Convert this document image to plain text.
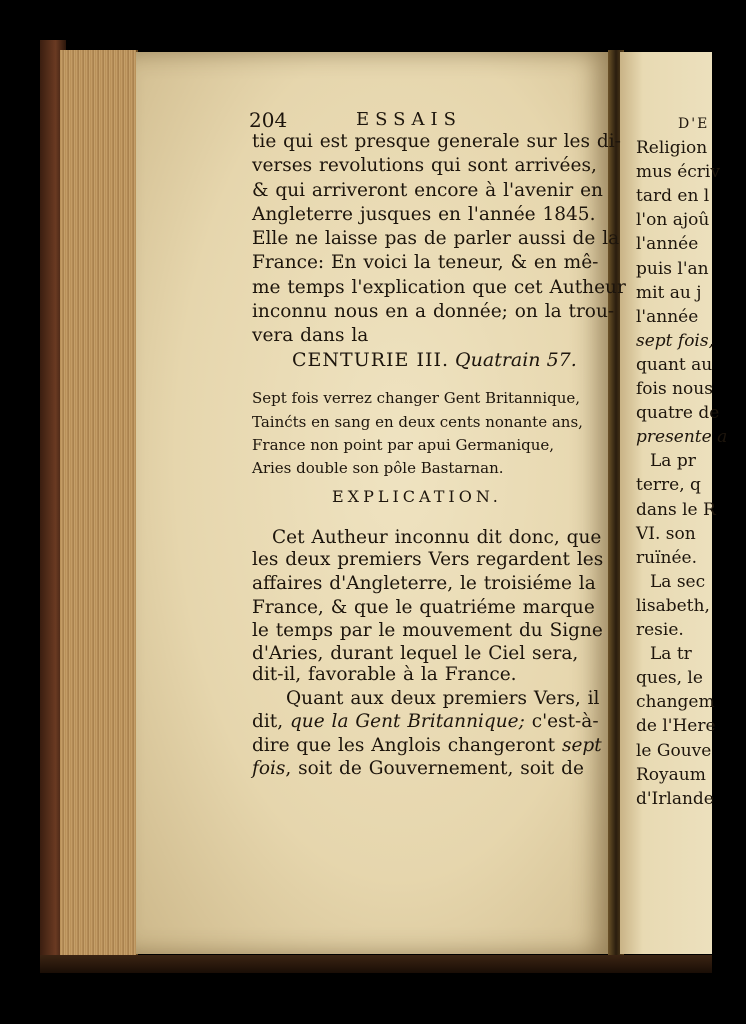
204	ESSAIS
tie qui est presque generale sur les di-
verses revolutions qui sont arrivées,
& qui arriveront encore à l'avenir en
Angleterre jusques en l'année 1845.
Elle ne laisse pas de parler aussi de la
France: En voici la teneur, & en mê-
me temps l'explication que cet Autheur
inconnu nous en a donnée; on la trou-
vera dans la
CENTURIE III. Quatrain 57.
Sept fois verrez changer Gent Britannique,
Tainćts en sang en deux cents nonante ans,
France non point par apui Germanique,
Aries double son pôle Bastarnan.
EXPLICATION.
Cet Autheur inconnu dit donc, que
les deux premiers Vers regardent les
affaires d'Angleterre, le troisiéme la
France, & que le quatriéme marque
le temps par le mouvement du Signe
d'Aries, durant lequel le Ciel sera,
dit-il, favorable à la France.
Quant aux deux premiers Vers, il
dit, que la Gent Britannique; c'est-à-
dire que les Anglois changeront sept
fois, soit de Gouvernement, soit de
D'E
Religion
mus écriv
tard en l
l'on ajoû
l'année
puis l'an
mit au j
l'année
sept fois,
quant au
fois nous
quatre de
presente a
La pr
terre, q
dans le R
VI. son
ruïnée.
La sec
lisabeth,
resie.
La tr
ques, le
changem
de l'Here
le Gouve
Royaum
d'Irlande
